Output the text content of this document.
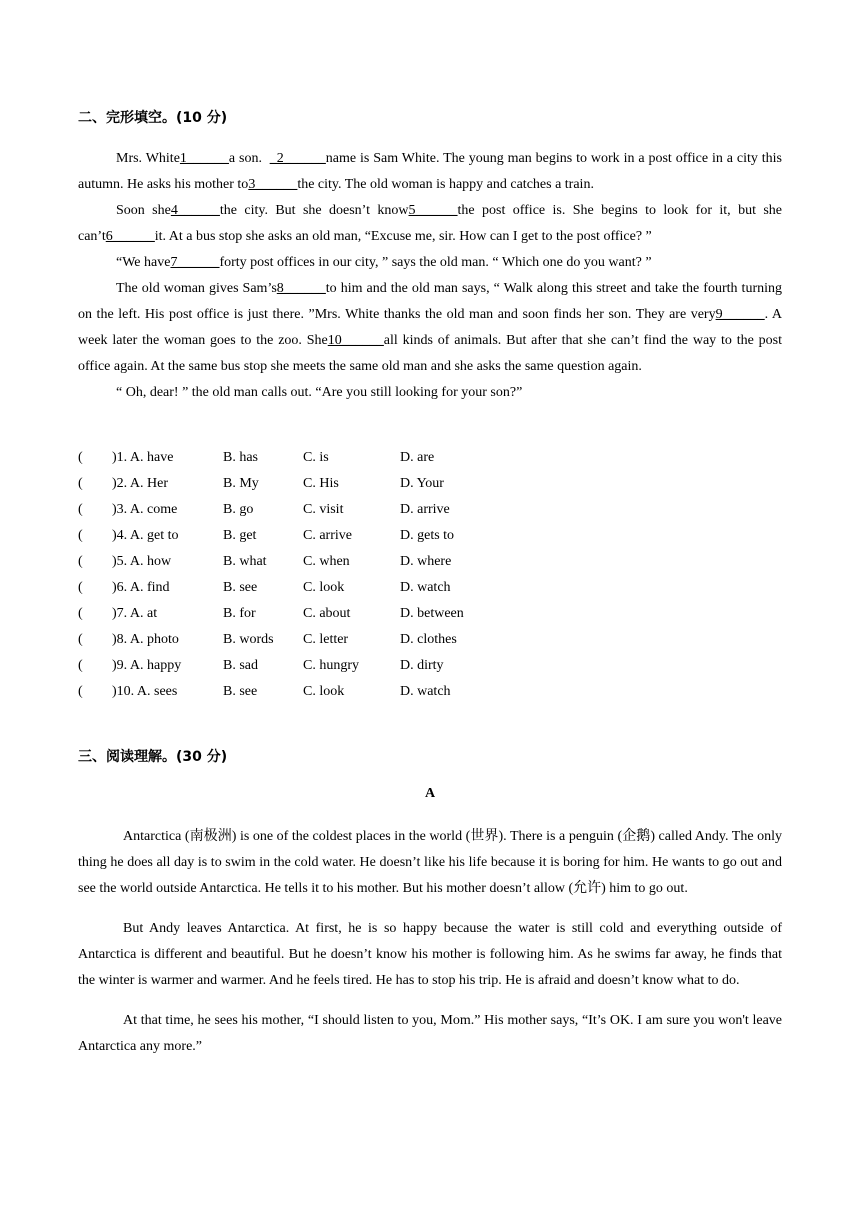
二、完形填空。(10 分)

Mrs. White1______a son.  _2______name is Sam White. The young man begins to work in a post office in a city this autumn. He asks his mother to3______the city. The old woman is happy and catches a train.

Soon she4______the city. But she doesn’t know5______the post office is. She begins to look for it, but she can’t6______it. At a bus stop she asks an old man, “Excuse me, sir. How can I get to the post office? ”

“We have7______forty post offices in our city, ” says the old man. “ Which one do you want? ”

The old woman gives Sam’s8______to him and the old man says, “ Walk along this street and take the fourth turning on the left. His post office is just there. ”Mrs. White thanks the old man and soon finds her son. They are very9______. A week later the woman goes to the zoo. She10______all kinds of animals. But after that she can’t find the way to the post office again. At the same bus stop she meets the same old man and she asks the same question again.

“ Oh, dear! ” the old man calls out. “Are you still looking for your son?”

( )1. A. have	B. has	C. is	D. are
( )2. A. Her	B. My	C. His	D. Your
( )3. A. come	B. go	C. visit	D. arrive
( )4. A. get to	B. get	C. arrive	D. gets to
( )5. A. how	B. what	C. when	D. where
( )6. A. find	B. see	C. look	D. watch
( )7. A. at	B. for	C. about	D. between
( )8. A. photo	B. words C. letter	D. clothes
( )9. A. happy	B. sad	C. hungry	D. dirty
( )10. A. sees	B. see	C. look	D. watch
三、阅读理解。(30 分)
A

Antarctica (南极洲) is one of the coldest places in the world (世界). There is a penguin (企鹅) called Andy. The only thing he does all day is to swim in the cold water. He doesn’t like his life because it is boring for him. He wants to go out and see the world outside Antarctica. He tells it to his mother. But his mother doesn’t allow (允许) him to go out.

But Andy leaves Antarctica. At first, he is so happy because the water is still cold and everything outside of Antarctica is different and beautiful. But he doesn’t know his mother is following him. As he swims far away, he finds that the winter is warmer and warmer. And he feels tired. He has to stop his trip. He is afraid and doesn’t know what to do.

At that time, he sees his mother, “I should listen to you, Mom.” His mother says, “It’s OK. I am sure you won't leave Antarctica any more.”
